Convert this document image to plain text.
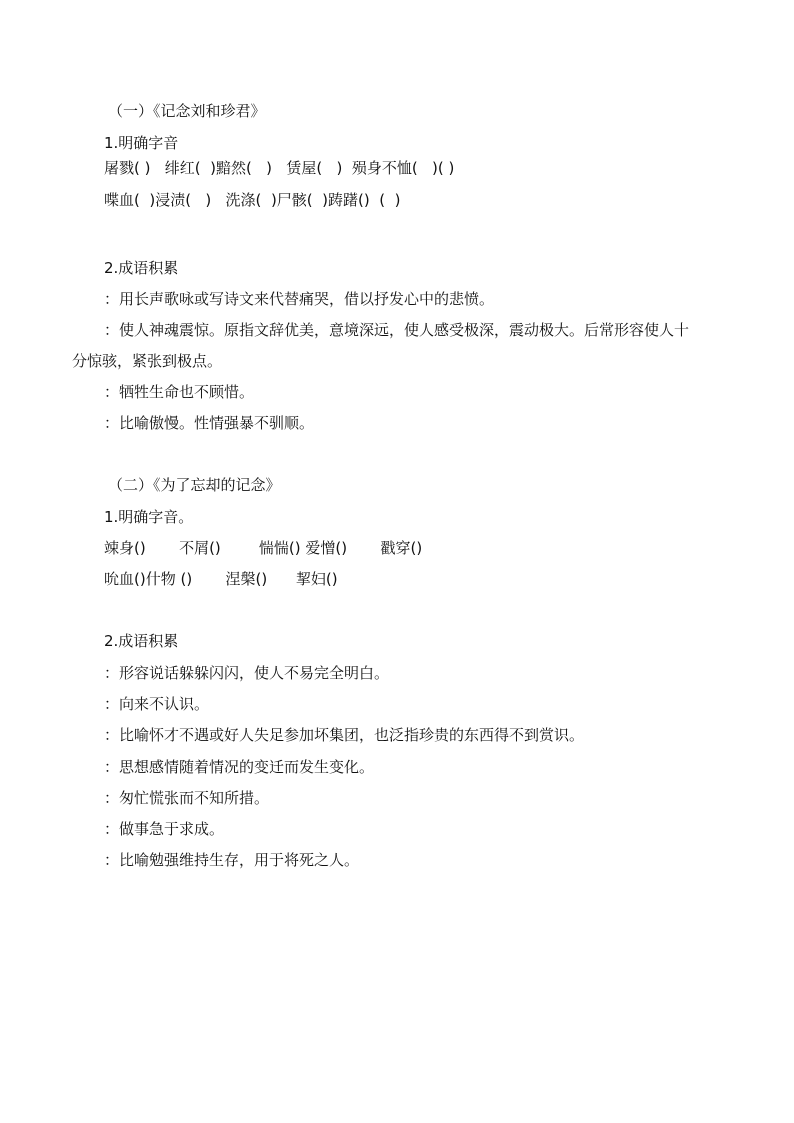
（一）《记念刘和珍君》
1.明确字音
屠戮( )   绯红(  )黯然(   )   赁屋(   )  殒身不恤(   )( )
喋血(  )浸渍(   )   洗涤(  )尸骸(  )踌躇()  (  )
2.成语积累
：用长声歌咏或写诗文来代替痛哭，借以抒发心中的悲愤。
：使人神魂震惊。原指文辞优美，意境深远，使人感受极深，震动极大。后常形容使人十
分惊骇，紧张到极点。
：牺牲生命也不顾惜。
：比喻傲慢。性情强暴不驯顺。
（二）《为了忘却的记念》
1.明确字音。
竦身()       不屑()        惴惴() 爱憎()       戳穿()
吮血()什物 ()       涅槃()      挈妇()
2.成语积累
：形容说话躲躲闪闪，使人不易完全明白。
：向来不认识。
：比喻怀才不遇或好人失足参加坏集团，也泛指珍贵的东西得不到赏识。
：思想感情随着情况的变迁而发生变化。
：匆忙慌张而不知所措。
：做事急于求成。
：比喻勉强维持生存，用于将死之人。
